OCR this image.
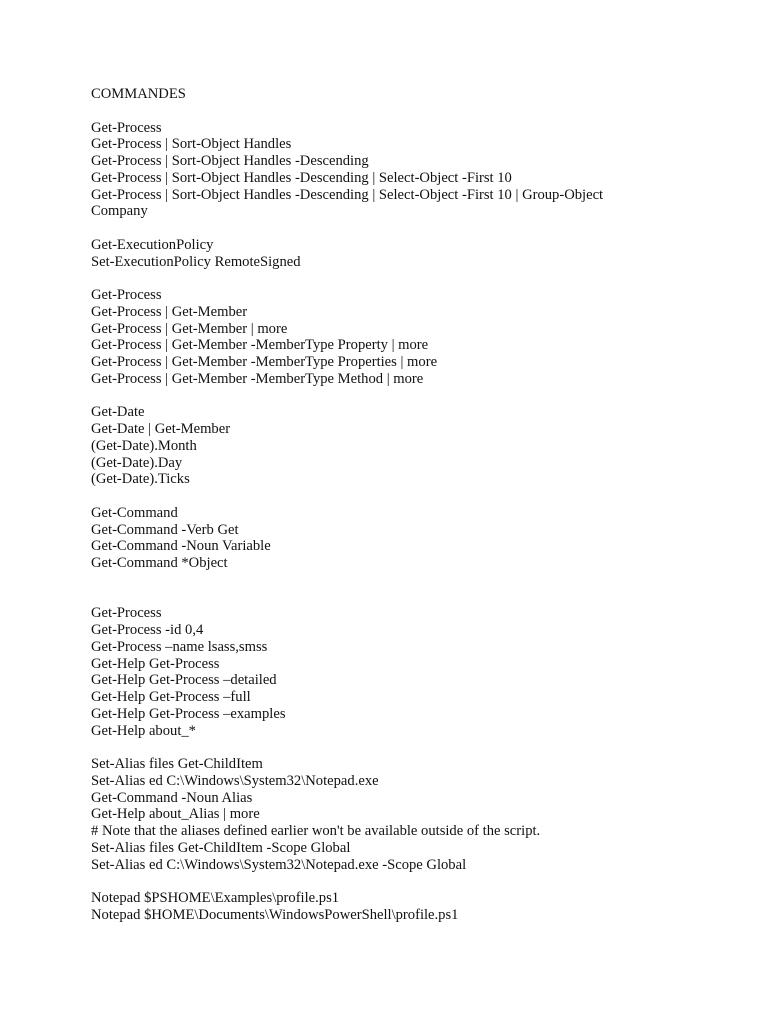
COMMANDES
Get-Process
Get-Process | Sort-Object Handles
Get-Process | Sort-Object Handles -Descending
Get-Process | Sort-Object Handles -Descending | Select-Object -First 10
Get-Process | Sort-Object Handles -Descending | Select-Object -First 10 | Group-Object
Company
Get-ExecutionPolicy
Set-ExecutionPolicy RemoteSigned
Get-Process
Get-Process | Get-Member
Get-Process | Get-Member | more
Get-Process | Get-Member -MemberType Property | more
Get-Process | Get-Member -MemberType Properties | more
Get-Process | Get-Member -MemberType Method | more
Get-Date
Get-Date | Get-Member
(Get-Date).Month
(Get-Date).Day
(Get-Date).Ticks
Get-Command
Get-Command -Verb Get
Get-Command -Noun Variable
Get-Command *Object
Get-Process
Get-Process -id 0,4
Get-Process –name lsass,smss
Get-Help Get-Process
Get-Help Get-Process –detailed
Get-Help Get-Process –full
Get-Help Get-Process –examples
Get-Help about_*
Set-Alias files Get-ChildItem
Set-Alias ed C:\Windows\System32\Notepad.exe
Get-Command -Noun Alias
Get-Help about_Alias | more
# Note that the aliases defined earlier won't be available outside of the script.
Set-Alias files Get-ChildItem -Scope Global
Set-Alias ed C:\Windows\System32\Notepad.exe -Scope Global
Notepad $PSHOME\Examples\profile.ps1
Notepad $HOME\Documents\WindowsPowerShell\profile.ps1
